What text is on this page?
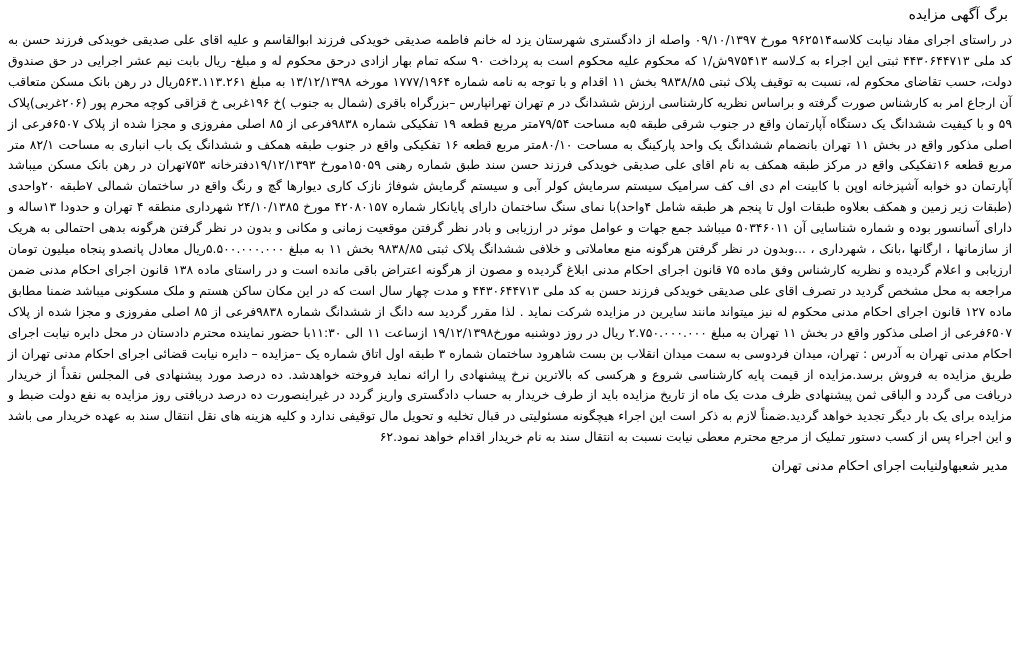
برگ آگهی مزایده

در راستای اجرای مفاد نیابت کلاسه۹۶۲۵۱۴ مورخ ۰۹/۱۰/۱۳۹۷ واصله از دادگستری شهرستان یزد له خانم فاطمه صدیقی خویدکی فرزند ابوالقاسم و علیه اقای علی صدیقی خویدکی فرزند حسن به کد ملی ۴۴۳۰۶۴۴۷۱۳ ثبتی این اجراء به کـ‌لاسه ۹۷۵۴۱۳ش/۱ که محکوم علیه محکوم است به پرداخت ۹۰ سکه تمام بهار ازادی درحق محکوم له و مبلغ- ریال بابت نیم عشر اجرایی در حق صندوق دولت، حسب تقاضای محکوم له، نسبت به توقیف پلاک ثبتی ۹۸۳۸/۸۵ بخش ۱۱ اقدام و با توجه به نامه شماره ۱۷۷۷/۱۹۶۴ مورخه ۱۳/۱۲/۱۳۹۸ به مبلغ ۵۶۳.۱۱۳.۲۶۱ریال در رهن بانک مسکن متعاقب آن ارجاع امر به کارشناس صورت گرفته و براساس نظریه کارشناسی ارزش ششدانگ در م تهران تهرانپارس –بزرگراه باقری (شمال به جنوب )خ ۱۹۶غربی خ قزاقی کوچه محرم پور (۲۰۶غربی)پلاک ۵۹ و با کیفیت ششدانگ یک دستگاه آپارتمان واقع در جنوب شرقی طبقه ۵به مساحت ۷۹/۵۴متر مربع قطعه ۱۹ تفکیکی شماره ۹۸۳۸فرعی از ۸۵ اصلی مفروزی و مجزا شده از پلاک ۶۵۰۷فرعی از اصلی مذکور واقع در بخش ۱۱ تهران بانضمام ششدانگ یک واحد پارکینگ به مساحت ۸۰/۱۰متر مربع قطعه ۱۶ تفکیکی واقع در جنوب طبقه همکف و ششدانگ یک باب انباری به مساحت ۸۲/۱ متر مربع قطعه ۱۶تفکیکی واقع در مرکز طبقه همکف به نام اقای علی صدیقی خویدکی فرزند حسن سند طبق شماره رهنی ۱۵۰۵۹مورخ ۱۹/۱۲/۱۳۹۳دفترخانه ۷۵۳تهران در رهن بانک مسکن میباشد آپارتمان دو خوابه آشپزخانه اوپن با کابینت ام دی اف کف سرامیک سیستم سرمایش کولر آبی و سیستم گرمایش شوفاژ نازک کاری دیوارها گچ و رنگ واقع در ساختمان شمالی ۷طبقه ۲۰واحدی (طبقات زیر زمین و همکف بعلاوه طبقات اول تا پنجم هر طبقه شامل ۴واحد)با نمای سنگ ساختمان دارای پایانکار شماره ۴۲۰۸۰۱۵۷ مورخ ۲۴/۱۰/۱۳۸۵ شهرداری منطقه ۴ تهران و حدودا ۱۳ساله و دارای آسانسور بوده و شماره شناسایی آن ۵۰۳۴۶۰۱۱ میباشد جمع جهات و عوامل موثر در ارزیابی و بادر نظر گرفتن موقعیت زمانی و مکانی و بدون در نظر گرفتن هرگونه بدهی احتمالی به هریک از سازمانها ، ارگانها ،بانک ، شهرداری ، ...وبدون در نظر گرفتن هرگونه منع معاملاتی و خلافی ششدانگ پلاک ثبتی ۹۸۳۸/۸۵ بخش ۱۱ به مبلغ ۵.۵۰۰.۰۰۰.۰۰۰ریال معادل پانصدو پنجاه میلیون تومان ارزیابی و اعلام گردیده و نظریه کارشناس وفق ماده ۷۵ قانون اجرای احکام مدنی ابلاغ گردیده و مصون از هرگونه اعتراض باقی مانده است و در راستای ماده ۱۳۸ قانون اجرای احکام مدنی ضمن مراجعه به محل مشخص گردید در تصرف اقای علی صدیقی خویدکی فرزند حسن به کد ملی ۴۴۳۰۶۴۴۷۱۳ و مدت چهار سال است که در این مکان ساکن هستم و ملک مسکونی میباشد ضمنا مطابق ماده ۱۲۷ قانون اجرای احکام مدنی محکوم له نیز میتواند مانند سایرین در مزایده شرکت نماید . لذا مقرر گردید سه دانگ از ششدانگ شماره ۹۸۳۸فرعی از ۸۵ اصلی مفروزی و مجزا شده از پلاک ۶۵۰۷فرعی از اصلی مذکور واقع در بخش ۱۱ تهران به مبلغ ۲.۷۵۰.۰۰۰.۰۰۰ ریال در روز دوشنبه مورخ۱۹/۱۲/۱۳۹۸ ازساعت ۱۱ الی ۱۱:۳۰با حضور نماینده محترم دادستان در محل دایره نیابت اجرای احکام مدنی تهران به آدرس : تهران، میدان فردوسی به سمت میدان انقلاب بن بست شاهرود ساختمان شماره ۳ طبقه اول اتاق شماره یک –مزایده – دایره نیابت قضائی اجرای احکام مدنی تهران از طریق مزایده به فروش برسد.مزایده از قیمت پایه کارشناسی شروع و هرکسی که بالاترین نرخ پیشنهادی را ارائه نماید فروخته خواهدشد. ده درصد مورد پیشنهادی فی المجلس نقداً از خریدار دریافت می گردد و الباقی ثمن پیشنهادی ظرف مدت یک ماه از تاریخ مزایده باید از طرف خریدار به حساب دادگستری واریز گردد در غیراینصورت ده درصد دریافتی روز مزایده به نفع دولت ضبط و مزایده برای یک بار دیگر تجدید خواهد گردید.ضمناً لازم به ذکر است این اجراء هیچگونه مسئولیتی در قبال تخلیه و تحویل مال توقیفی ندارد و کلیه هزینه های نقل انتقال سند به عهده خریدار می باشد و این اجراء پس از کسب دستور تملیک از مرجع محترم معطی نیابت نسبت به انتقال سند به نام خریدار اقدام خواهد نمود.۶۲

مدیر شعبهاولنیابت اجرای احکام مدنی تهران
